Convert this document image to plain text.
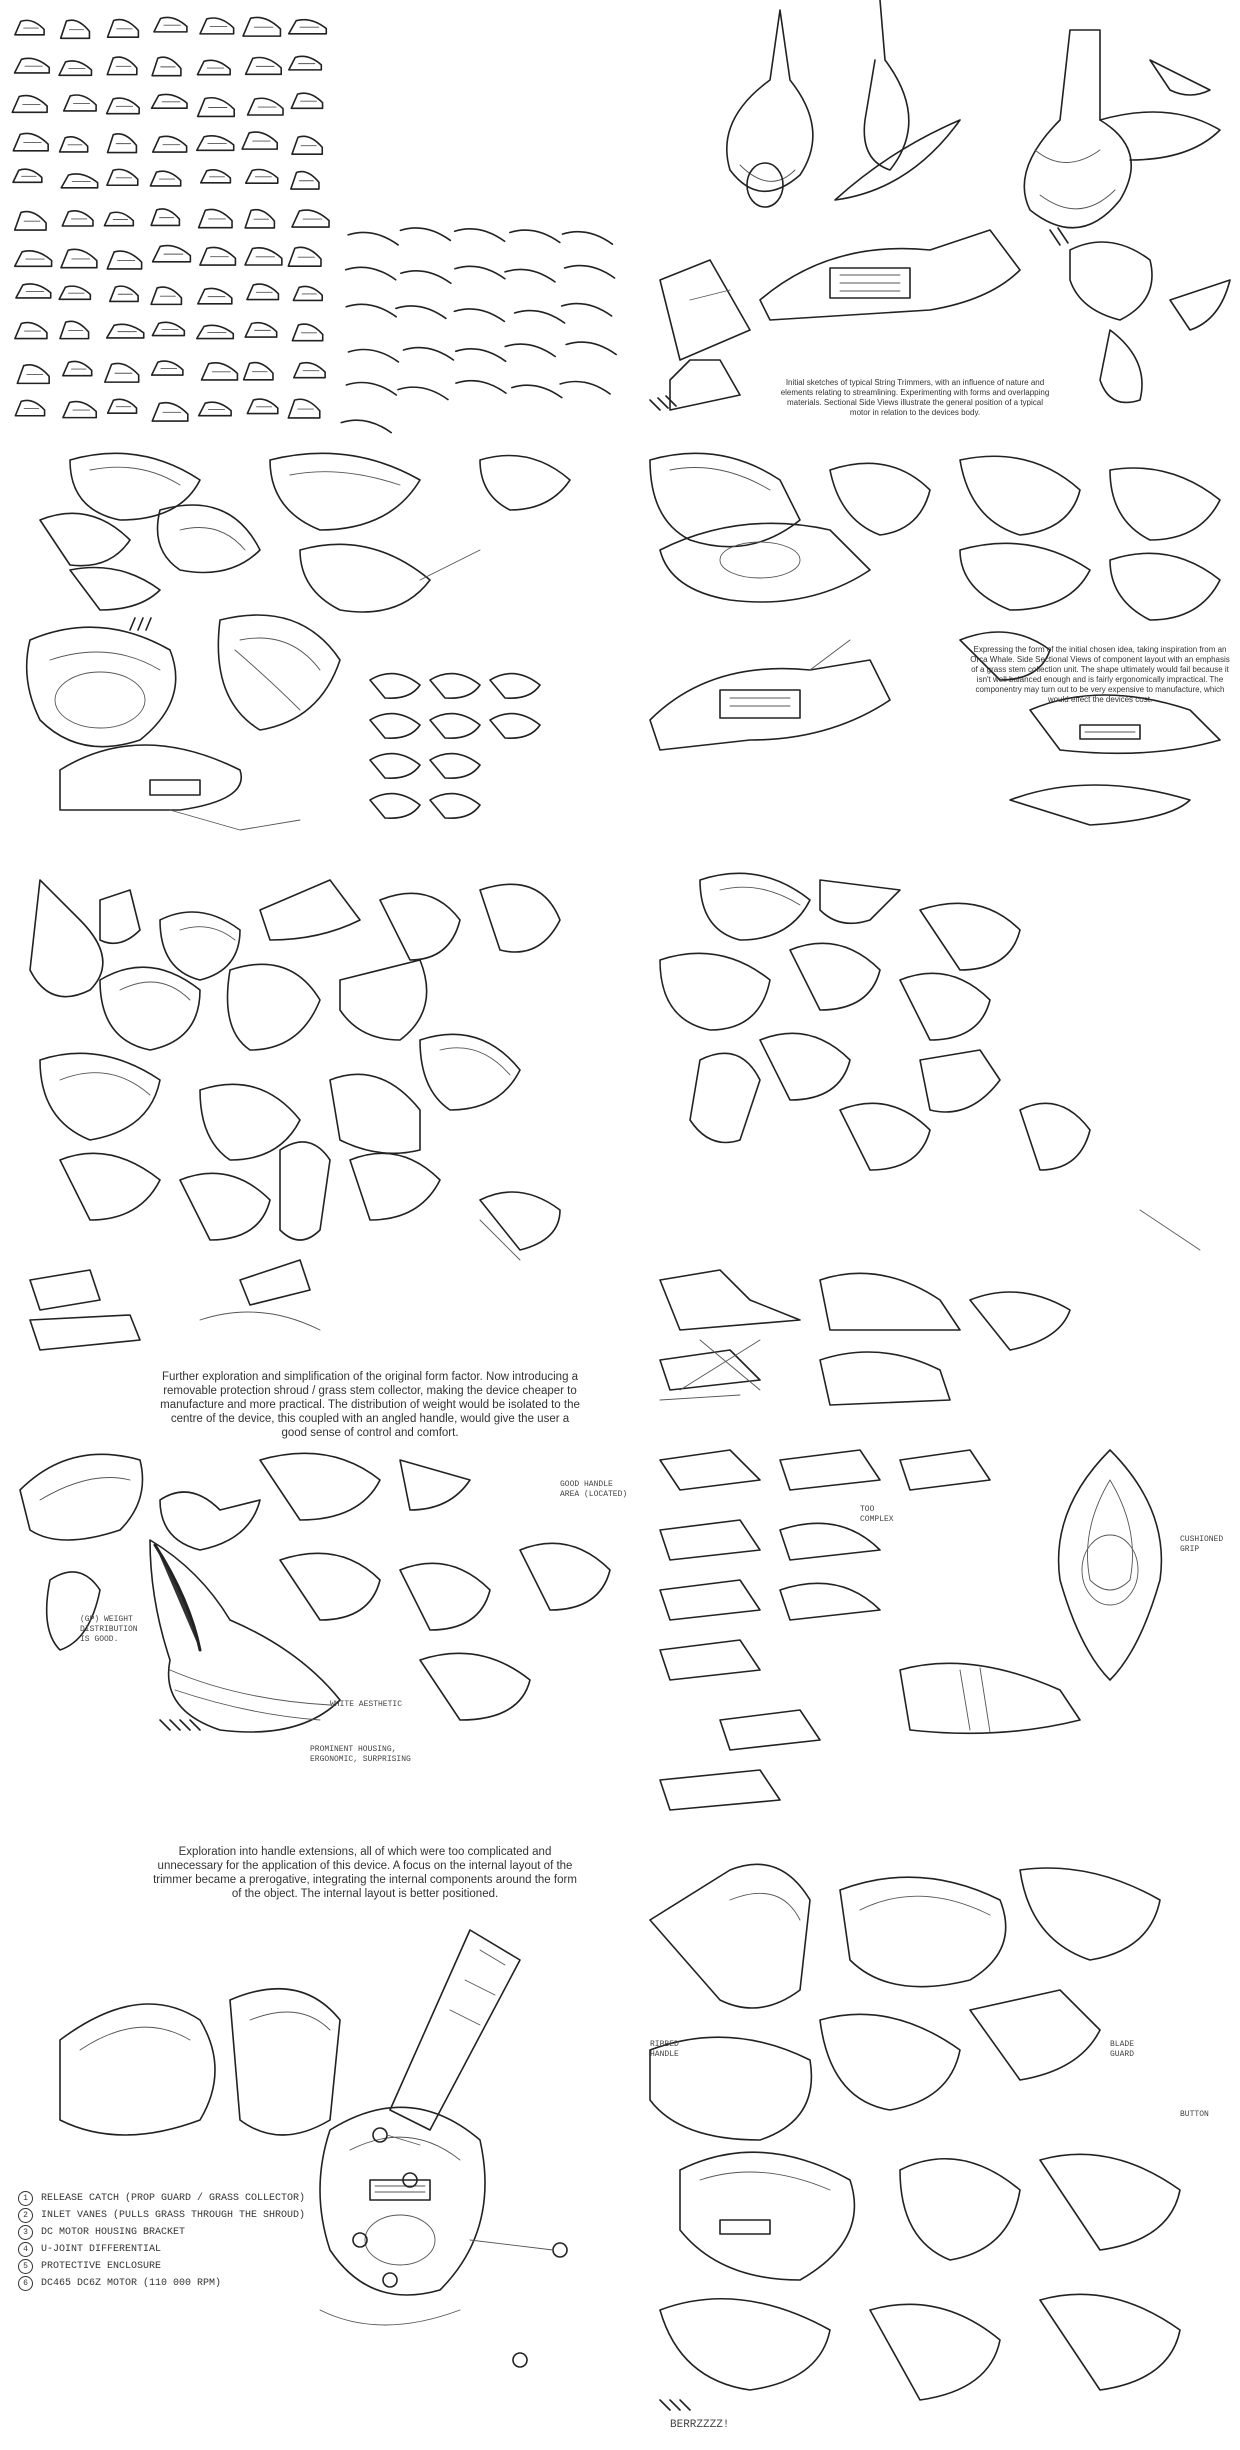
Initial sketches of typical String Trimmers, with an influence of nature and elements relating to streamlining. Experimenting with forms and overlapping materials. Sectional Side Views illustrate the general position of a typical motor in relation to the devices body.
Expressing the form of the initial chosen idea, taking inspiration from an Orca Whale. Side Sectional Views of component layout with an emphasis of a grass stem collection unit. The shape ultimately would fail because it isn't well balanced enough and is fairly ergonomically impractical. The componentry may turn out to be very expensive to manufacture, which would effect the devices cost.
Further exploration and simplification of the original form factor. Now introducing a removable protection shroud / grass stem collector, making the device cheaper to manufacture and more practical. The distribution of weight would be isolated to the centre of the device, this coupled with an angled handle, would give the user a good sense of control and comfort.
(GP) WEIGHT
DISTRIBUTION
IS GOOD.
WHITE AESTHETIC
PROMINENT HOUSING,
ERGONOMIC, SURPRISING
GOOD HANDLE
AREA (LOCATED)
TOO
COMPLEX
CUSHIONED
GRIP
Exploration into handle extensions, all of which were too complicated and unnecessary for the application of this device. A focus on the internal layout of the trimmer became a prerogative, integrating the internal components around the form of the object. The internal layout is better positioned.
1	RELEASE CATCH (PROP GUARD / GRASS COLLECTOR)
2	INLET VANES (PULLS GRASS THROUGH THE SHROUD)
3	DC MOTOR HOUSING BRACKET
4	U-JOINT DIFFERENTIAL
5	PROTECTIVE ENCLOSURE
6	DC465 DC6Z MOTOR (110 000 RPM)
RIBBED
HANDLE
BLADE
GUARD
BUTTON
BERRZZZZ!
